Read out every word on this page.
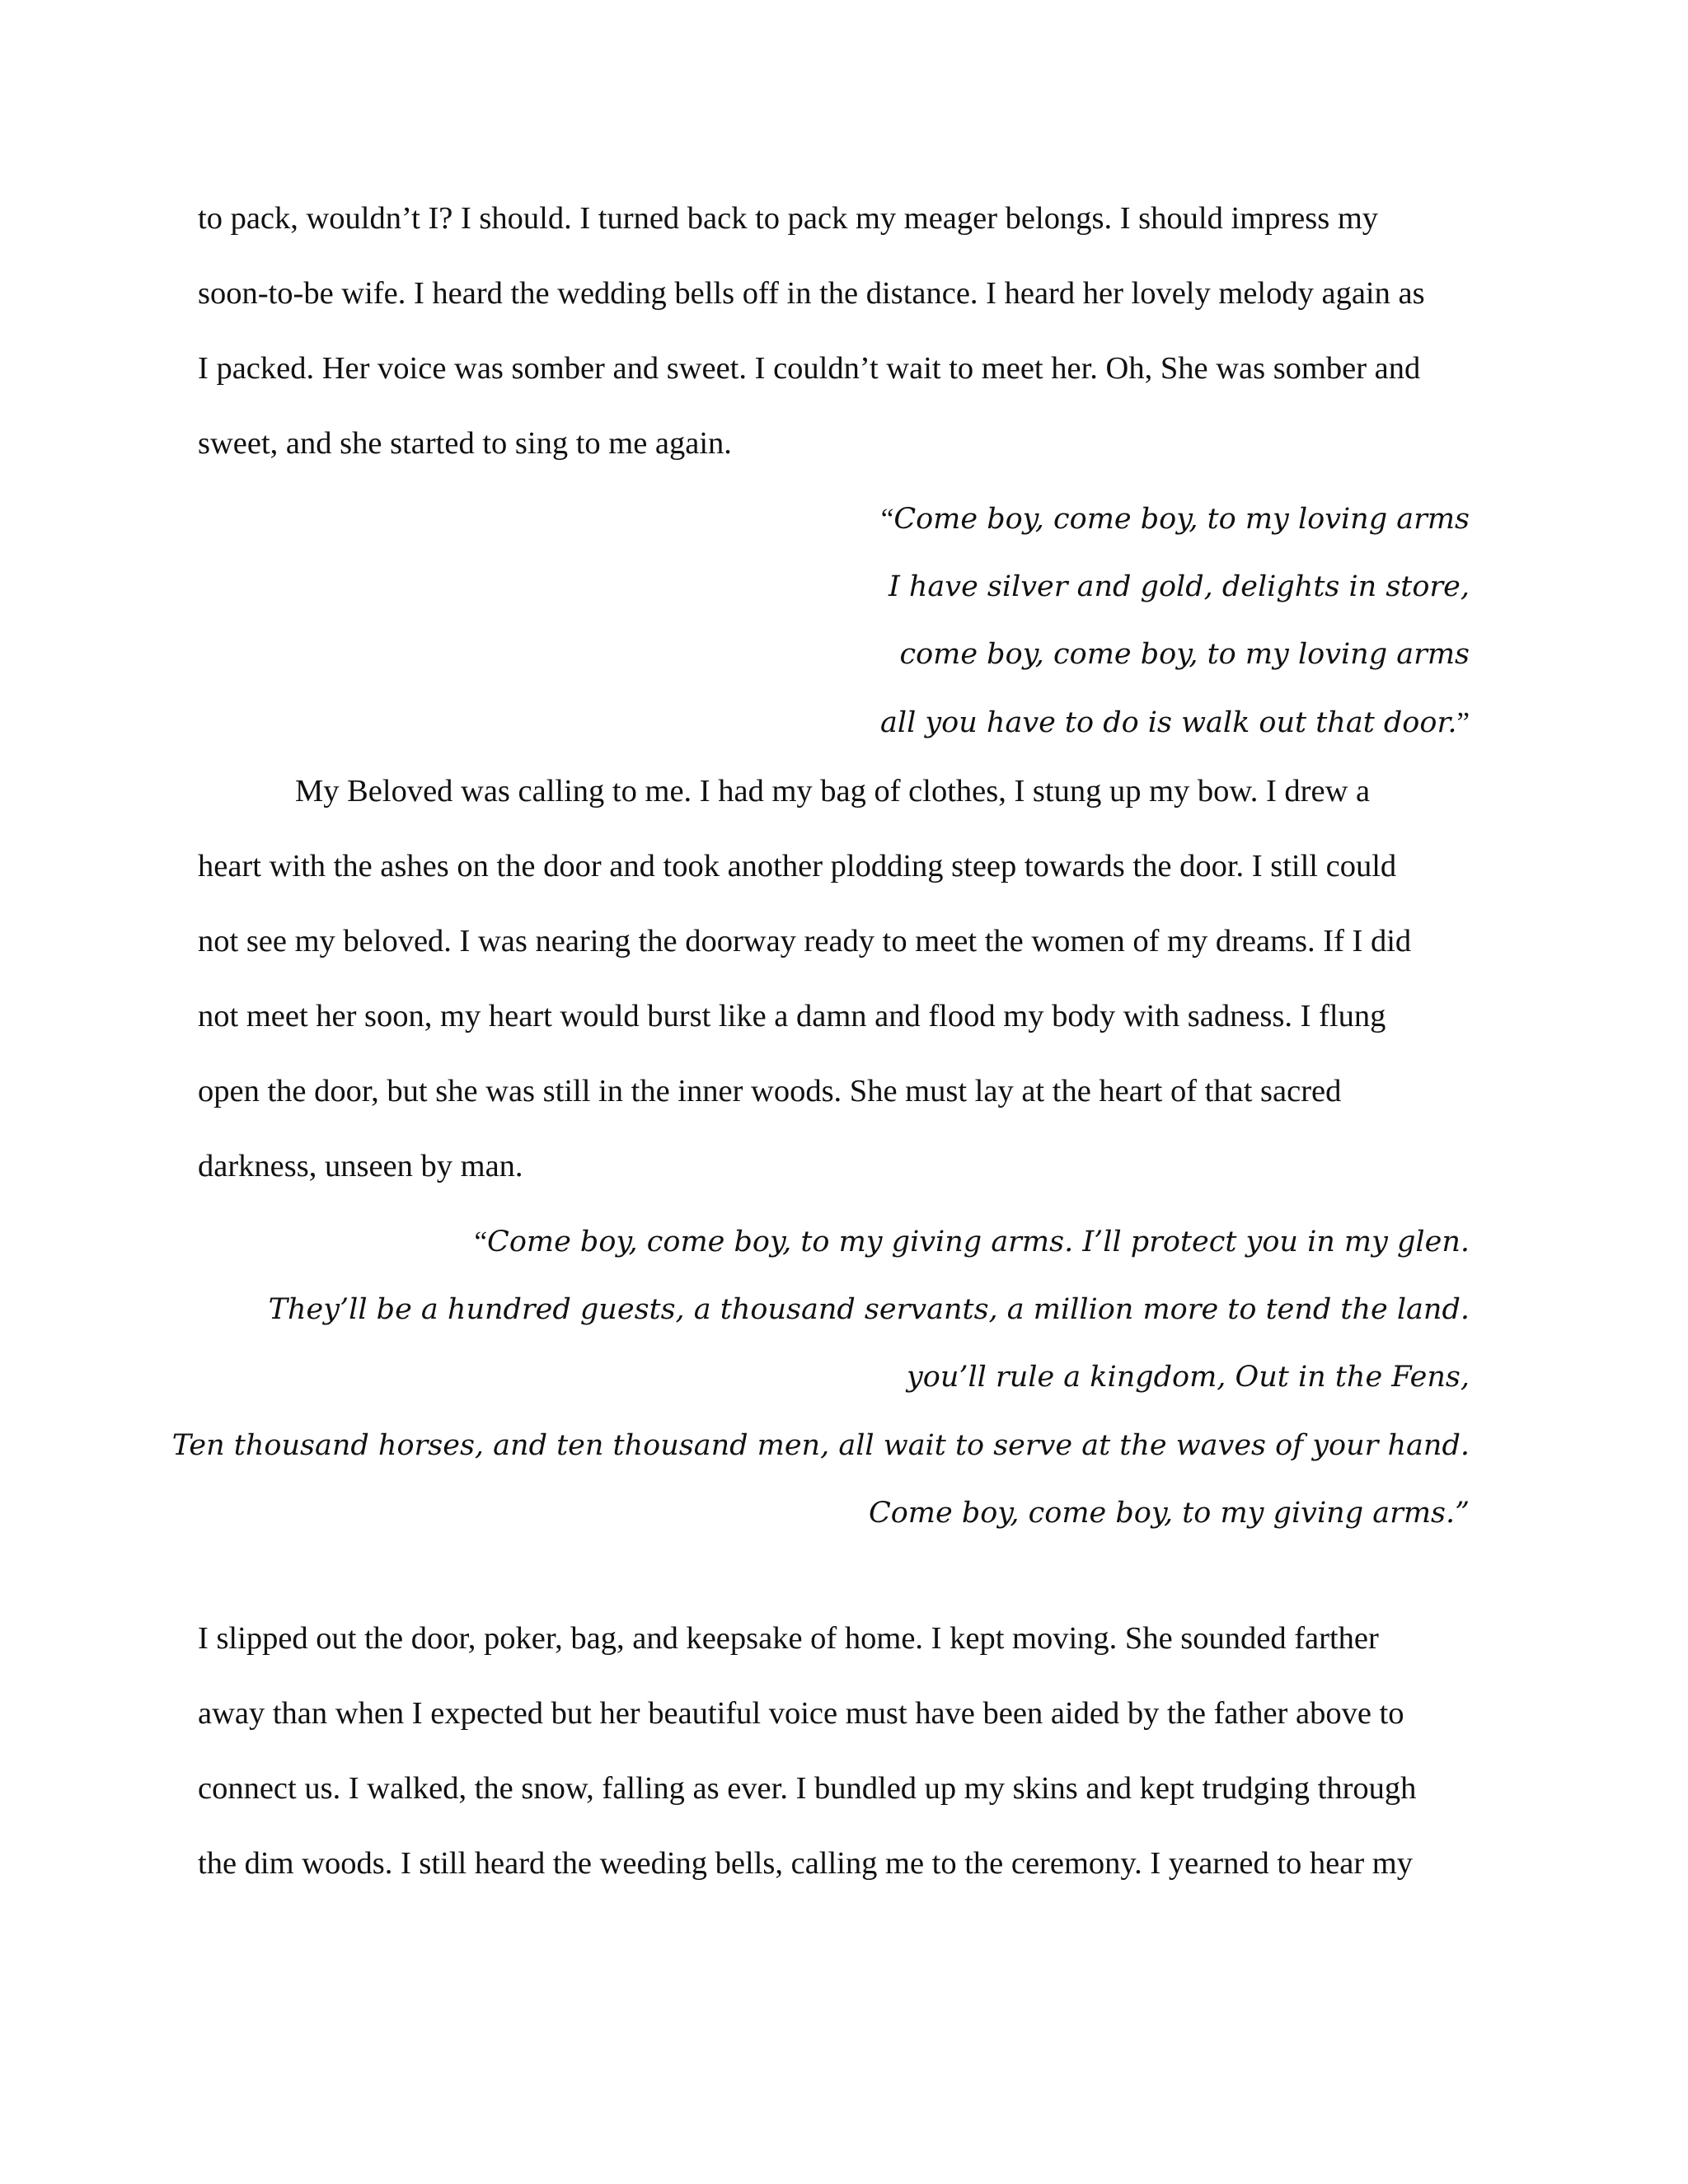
to pack, wouldn’t I? I should. I turned back to pack my meager belongs. I should impress my
soon-to-be wife. I heard the wedding bells off in the distance. I heard her lovely melody again as
I packed. Her voice was somber and sweet. I couldn’t wait to meet her. Oh, She was somber and
sweet, and she started to sing to me again.
“Come boy, come boy, to my loving arms
I have silver and gold, delights in store,
come boy, come boy, to my loving arms
all you have to do is walk out that door.”
My Beloved was calling to me. I had my bag of clothes, I stung up my bow. I drew a
heart with the ashes on the door and took another plodding steep towards the door. I still could
not see my beloved. I was nearing the doorway ready to meet the women of my dreams. If I did
not meet her soon, my heart would burst like a damn and flood my body with sadness. I flung
open the door, but she was still in the inner woods. She must lay at the heart of that sacred
darkness, unseen by man.
“Come boy, come boy, to my giving arms. I’ll protect you in my glen.
They’ll be a hundred guests, a thousand servants, a million more to tend the land.
you’ll rule a kingdom, Out in the Fens,
Ten thousand horses, and ten thousand men, all wait to serve at the waves of your hand.
Come boy, come boy, to my giving arms.”
I slipped out the door, poker, bag, and keepsake of home. I kept moving. She sounded farther
away than when I expected but her beautiful voice must have been aided by the father above to
connect us. I walked, the snow, falling as ever. I bundled up my skins and kept trudging through
the dim woods. I still heard the weeding bells, calling me to the ceremony. I yearned to hear my
